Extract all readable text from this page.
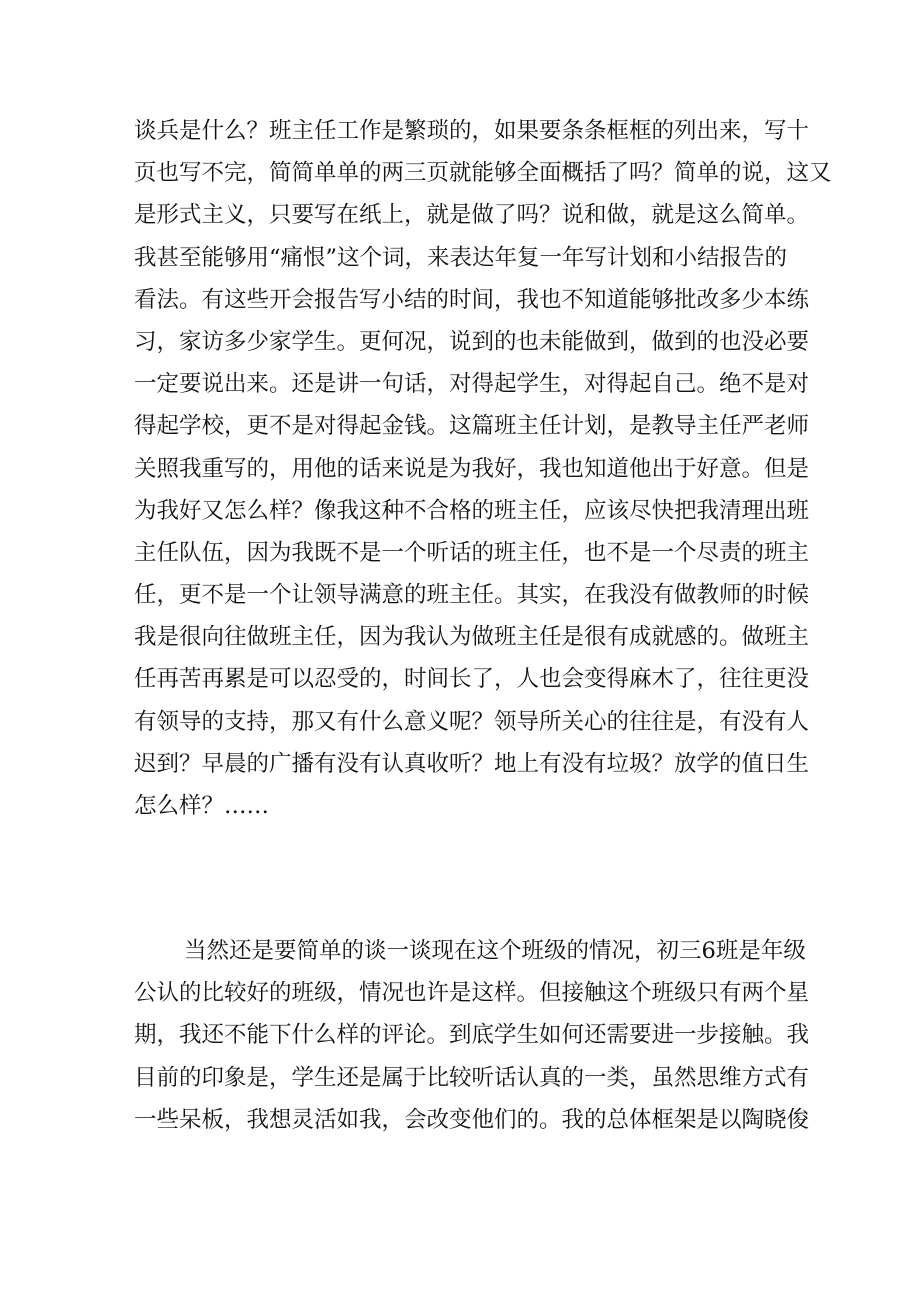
谈兵是什么？班主任工作是繁琐的，如果要条条框框的列出来，写十
页也写不完，简简单单的两三页就能够全面概括了吗？简单的说，这又
是形式主义，只要写在纸上，就是做了吗？说和做，就是这么简单。
我甚至能够用“痛恨”这个词，来表达年复一年写计划和小结报告的
看法。有这些开会报告写小结的时间，我也不知道能够批改多少本练
习，家访多少家学生。更何况，说到的也未能做到，做到的也没必要
一定要说出来。还是讲一句话，对得起学生，对得起自己。绝不是对
得起学校，更不是对得起金钱。这篇班主任计划，是教导主任严老师
关照我重写的，用他的话来说是为我好，我也知道他出于好意。但是
为我好又怎么样？像我这种不合格的班主任，应该尽快把我清理出班
主任队伍，因为我既不是一个听话的班主任，也不是一个尽责的班主
任，更不是一个让领导满意的班主任。其实，在我没有做教师的时候
我是很向往做班主任，因为我认为做班主任是很有成就感的。做班主
任再苦再累是可以忍受的，时间长了，人也会变得麻木了，往往更没
有领导的支持，那又有什么意义呢？领导所关心的往往是，有没有人
迟到？早晨的广播有没有认真收听？地上有没有垃圾？放学的值日生
怎么样？……
当然还是要简单的谈一谈现在这个班级的情况，初三6班是年级
公认的比较好的班级，情况也许是这样。但接触这个班级只有两个星
期，我还不能下什么样的评论。到底学生如何还需要进一步接触。我
目前的印象是，学生还是属于比较听话认真的一类，虽然思维方式有
一些呆板，我想灵活如我，会改变他们的。我的总体框架是以陶晓俊
